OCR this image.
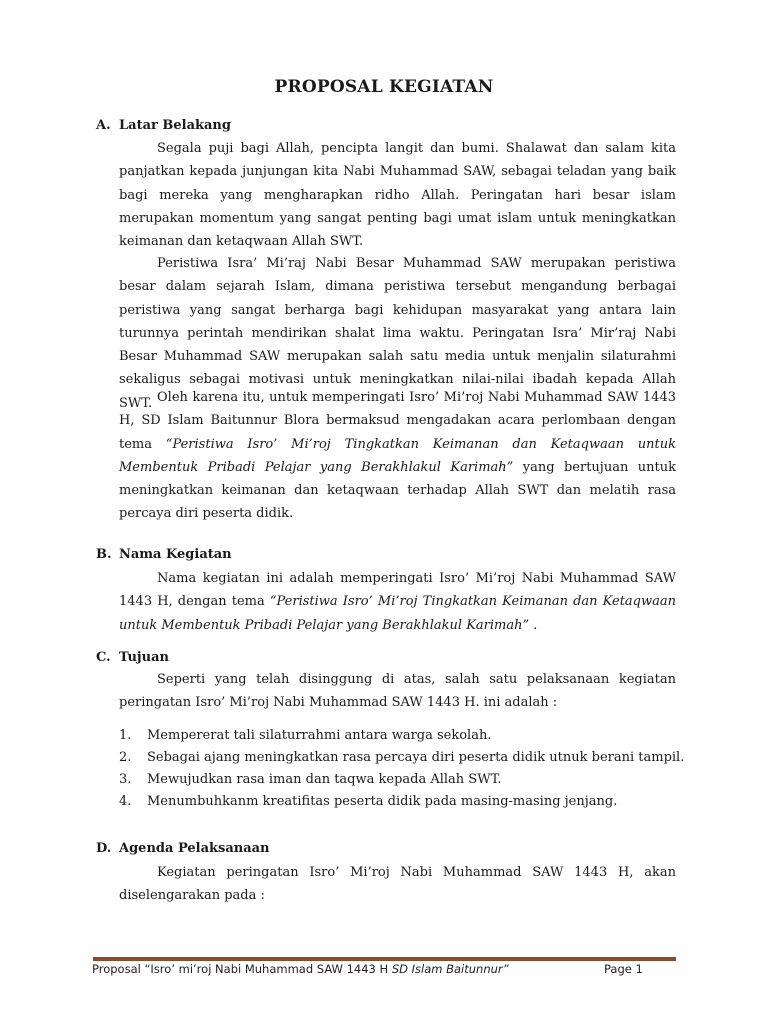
PROPOSAL KEGIATAN
A. Latar Belakang
Segala puji bagi Allah, pencipta langit dan bumi. Shalawat dan salam kita panjatkan kepada junjungan kita Nabi Muhammad SAW, sebagai teladan yang baik bagi mereka yang mengharapkan ridho Allah. Peringatan hari besar islam merupakan momentum yang sangat penting bagi umat islam untuk meningkatkan keimanan dan ketaqwaan Allah SWT.
Peristiwa Isra’ Mi’raj Nabi Besar Muhammad SAW merupakan peristiwa besar dalam sejarah Islam, dimana peristiwa tersebut mengandung berbagai peristiwa yang sangat berharga bagi kehidupan masyarakat yang antara lain turunnya perintah mendirikan shalat lima waktu. Peringatan Isra’ Mir’raj Nabi Besar Muhammad SAW merupakan salah satu media untuk menjalin silaturahmi sekaligus sebagai motivasi untuk meningkatkan nilai-nilai ibadah kepada Allah SWT. Oleh karena itu, untuk memperingati Isro’ Mi’roj Nabi Muhammad SAW 1443 H, SD Islam Baitunnur Blora bermaksud mengadakan acara perlombaan dengan tema “Peristiwa Isro’ Mi’roj Tingkatkan Keimanan dan Ketaqwaan untuk Membentuk Pribadi Pelajar yang Berakhlakul Karimah” yang bertujuan untuk meningkatkan keimanan dan ketaqwaan terhadap Allah SWT dan melatih rasa percaya diri peserta didik.
B. Nama Kegiatan
Nama kegiatan ini adalah memperingati Isro’ Mi’roj Nabi Muhammad SAW 1443 H, dengan tema “Peristiwa Isro’ Mi’roj Tingkatkan Keimanan dan Ketaqwaan untuk Membentuk Pribadi Pelajar yang Berakhlakul Karimah” .
C. Tujuan
Seperti yang telah disinggung di atas, salah satu pelaksanaan kegiatan peringatan Isro’ Mi’roj Nabi Muhammad SAW 1443 H. ini adalah :
1. Mempererat tali silaturrahmi antara warga sekolah.
2. Sebagai ajang meningkatkan rasa percaya diri peserta didik utnuk berani tampil.
3. Mewujudkan rasa iman dan taqwa kepada Allah SWT.
4. Menumbuhkanm kreatifitas peserta didik pada masing-masing jenjang.
D. Agenda Pelaksanaan
Kegiatan peringatan Isro’ Mi’roj Nabi Muhammad SAW 1443 H, akan diselengarakan pada :
Proposal “Isro’ mi’roj Nabi Muhammad SAW 1443 H SD Islam Baitunnur”	Page 1
